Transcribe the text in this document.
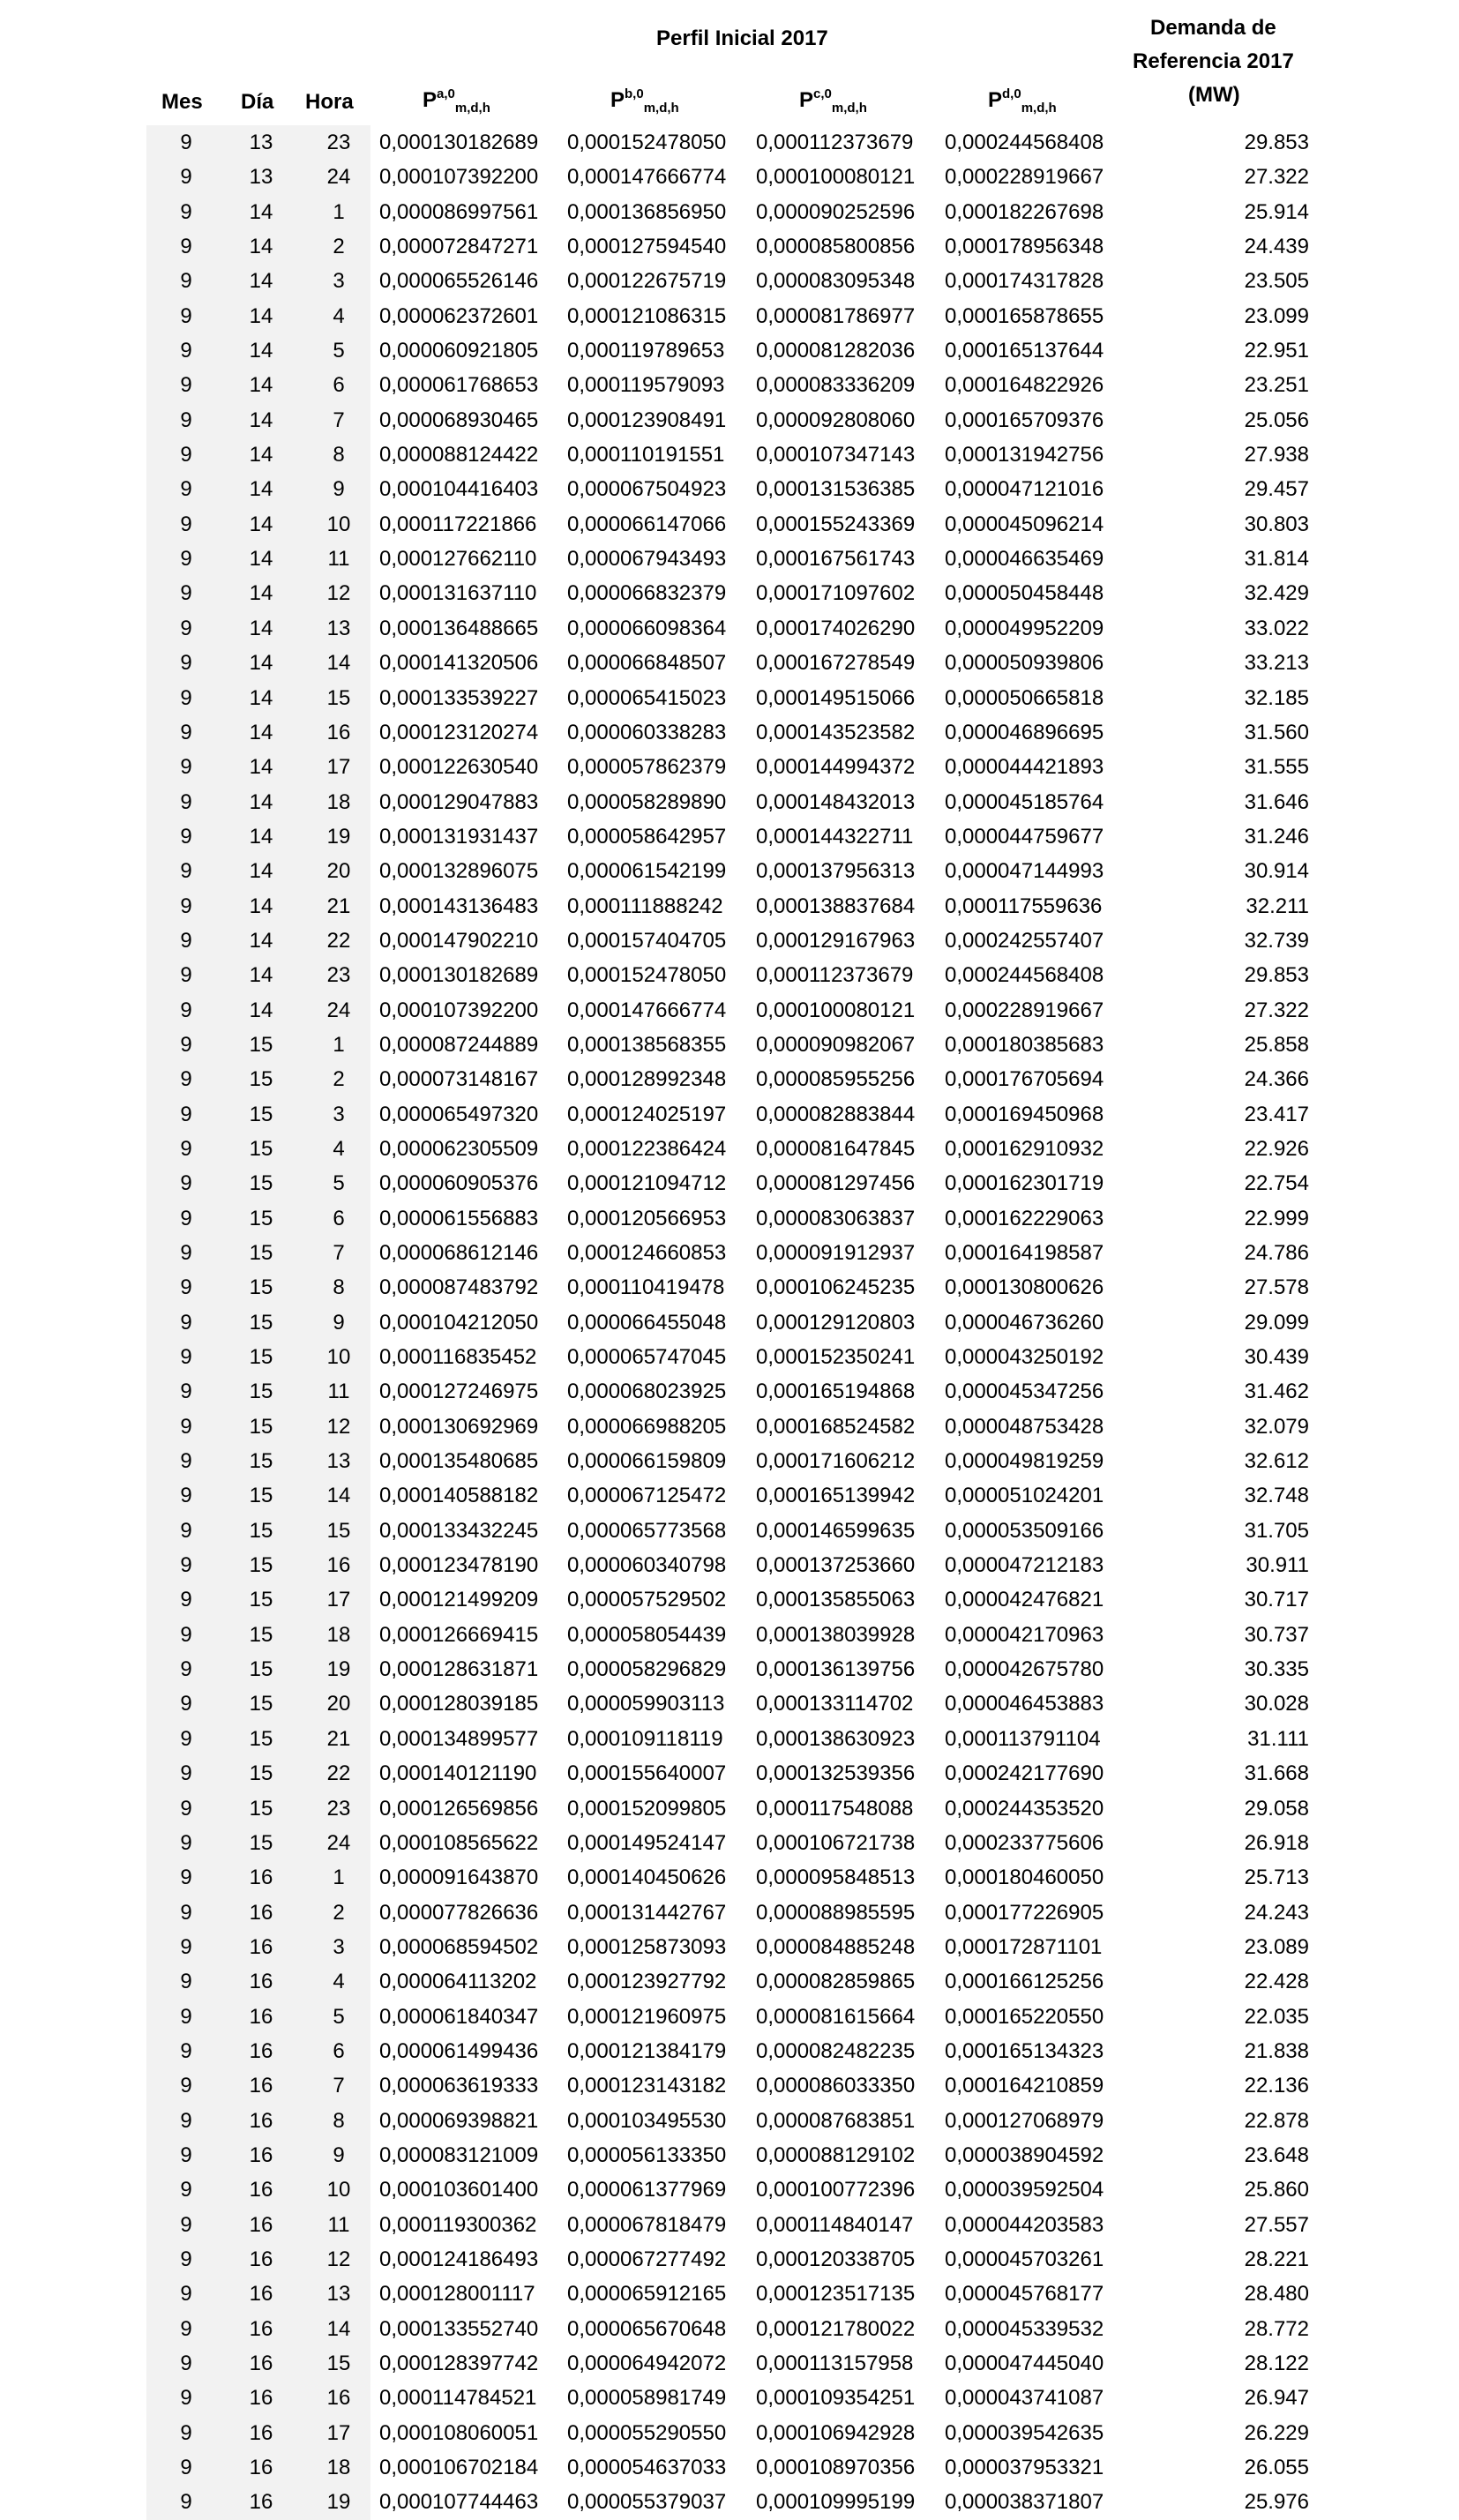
Perfil Inicial 2017	Demanda de
Referencia 2017
(MW)
Mes Día Hora	P$^{a,0}_{m,d,h}$	P$^{b,0}_{m,d,h}$	P$^{c,0}_{m,d,h}$	P$^{d,0}_{m,d,h}$
9	13	23	0,000130182689 0,000152478050 0,000112373679 0,000244568408	29.853
9	13	24	0,000107392200 0,000147666774 0,000100080121 0,000228919667	27.322
9	14	1	0,000086997561 0,000136856950 0,000090252596 0,000182267698	25.914
9	14	2	0,000072847271 0,000127594540 0,000085800856 0,000178956348	24.439
9	14	3	0,000065526146 0,000122675719 0,000083095348 0,000174317828	23.505
9	14	4	0,000062372601 0,000121086315 0,000081786977 0,000165878655	23.099
9	14	5	0,000060921805 0,000119789653 0,000081282036 0,000165137644	22.951
9	14	6	0,000061768653 0,000119579093 0,000083336209 0,000164822926	23.251
9	14	7	0,000068930465 0,000123908491 0,000092808060 0,000165709376	25.056
9	14	8	0,000088124422 0,000110191551 0,000107347143 0,000131942756	27.938
9	14	9	0,000104416403 0,000067504923 0,000131536385 0,000047121016	29.457
9	14	10	0,000117221866 0,000066147066 0,000155243369 0,000045096214	30.803
9	14	11	0,000127662110 0,000067943493 0,000167561743 0,000046635469	31.814
9	14	12	0,000131637110 0,000066832379 0,000171097602 0,000050458448	32.429
9	14	13	0,000136488665 0,000066098364 0,000174026290 0,000049952209	33.022
9	14	14	0,000141320506 0,000066848507 0,000167278549 0,000050939806	33.213
9	14	15	0,000133539227 0,000065415023 0,000149515066 0,000050665818	32.185
9	14	16	0,000123120274 0,000060338283 0,000143523582 0,000046896695	31.560
9	14	17	0,000122630540 0,000057862379 0,000144994372 0,000044421893	31.555
9	14	18	0,000129047883 0,000058289890 0,000148432013 0,000045185764	31.646
9	14	19	0,000131931437 0,000058642957 0,000144322711 0,000044759677	31.246
9	14	20	0,000132896075 0,000061542199 0,000137956313 0,000047144993	30.914
9	14	21	0,000143136483 0,000111888242 0,000138837684 0,000117559636	32.211
9	14	22	0,000147902210 0,000157404705 0,000129167963 0,000242557407	32.739
9	14	23	0,000130182689 0,000152478050 0,000112373679 0,000244568408	29.853
9	14	24	0,000107392200 0,000147666774 0,000100080121 0,000228919667	27.322
9	15	1	0,000087244889 0,000138568355 0,000090982067 0,000180385683	25.858
9	15	2	0,000073148167 0,000128992348 0,000085955256 0,000176705694	24.366
9	15	3	0,000065497320 0,000124025197 0,000082883844 0,000169450968	23.417
9	15	4	0,000062305509 0,000122386424 0,000081647845 0,000162910932	22.926
9	15	5	0,000060905376 0,000121094712 0,000081297456 0,000162301719	22.754
9	15	6	0,000061556883 0,000120566953 0,000083063837 0,000162229063	22.999
9	15	7	0,000068612146 0,000124660853 0,000091912937 0,000164198587	24.786
9	15	8	0,000087483792 0,000110419478 0,000106245235 0,000130800626	27.578
9	15	9	0,000104212050 0,000066455048 0,000129120803 0,000046736260	29.099
9	15	10	0,000116835452 0,000065747045 0,000152350241 0,000043250192	30.439
9	15	11	0,000127246975 0,000068023925 0,000165194868 0,000045347256	31.462
9	15	12	0,000130692969 0,000066988205 0,000168524582 0,000048753428	32.079
9	15	13	0,000135480685 0,000066159809 0,000171606212 0,000049819259	32.612
9	15	14	0,000140588182 0,000067125472 0,000165139942 0,000051024201	32.748
9	15	15	0,000133432245 0,000065773568 0,000146599635 0,000053509166	31.705
9	15	16	0,000123478190 0,000060340798 0,000137253660 0,000047212183	30.911
9	15	17	0,000121499209 0,000057529502 0,000135855063 0,000042476821	30.717
9	15	18	0,000126669415 0,000058054439 0,000138039928 0,000042170963	30.737
9	15	19	0,000128631871 0,000058296829 0,000136139756 0,000042675780	30.335
9	15	20	0,000128039185 0,000059903113 0,000133114702 0,000046453883	30.028
9	15	21	0,000134899577 0,000109118119 0,000138630923 0,000113791104	31.111
9	15	22	0,000140121190 0,000155640007 0,000132539356 0,000242177690	31.668
9	15	23	0,000126569856 0,000152099805 0,000117548088 0,000244353520	29.058
9	15	24	0,000108565622 0,000149524147 0,000106721738 0,000233775606	26.918
9	16	1	0,000091643870 0,000140450626 0,000095848513 0,000180460050	25.713
9	16	2	0,000077826636 0,000131442767 0,000088985595 0,000177226905	24.243
9	16	3	0,000068594502 0,000125873093 0,000084885248 0,000172871101	23.089
9	16	4	0,000064113202 0,000123927792 0,000082859865 0,000166125256	22.428
9	16	5	0,000061840347 0,000121960975 0,000081615664 0,000165220550	22.035
9	16	6	0,000061499436 0,000121384179 0,000082482235 0,000165134323	21.838
9	16	7	0,000063619333 0,000123143182 0,000086033350 0,000164210859	22.136
9	16	8	0,000069398821 0,000103495530 0,000087683851 0,000127068979	22.878
9	16	9	0,000083121009 0,000056133350 0,000088129102 0,000038904592	23.648
9	16	10	0,000103601400 0,000061377969 0,000100772396 0,000039592504	25.860
9	16	11	0,000119300362 0,000067818479 0,000114840147 0,000044203583	27.557
9	16	12	0,000124186493 0,000067277492 0,000120338705 0,000045703261	28.221
9	16	13	0,000128001117 0,000065912165 0,000123517135 0,000045768177	28.480
9	16	14	0,000133552740 0,000065670648 0,000121780022 0,000045339532	28.772
9	16	15	0,000128397742 0,000064942072 0,000113157958 0,000047445040	28.122
9	16	16	0,000114784521 0,000058981749 0,000109354251 0,000043741087	26.947
9	16	17	0,000108060051 0,000055290550 0,000106942928 0,000039542635	26.229
9	16	18	0,000106702184 0,000054637033 0,000108970356 0,000037953321	26.055
9	16	19	0,000107744463 0,000055379037 0,000109995199 0,000038371807	25.976
